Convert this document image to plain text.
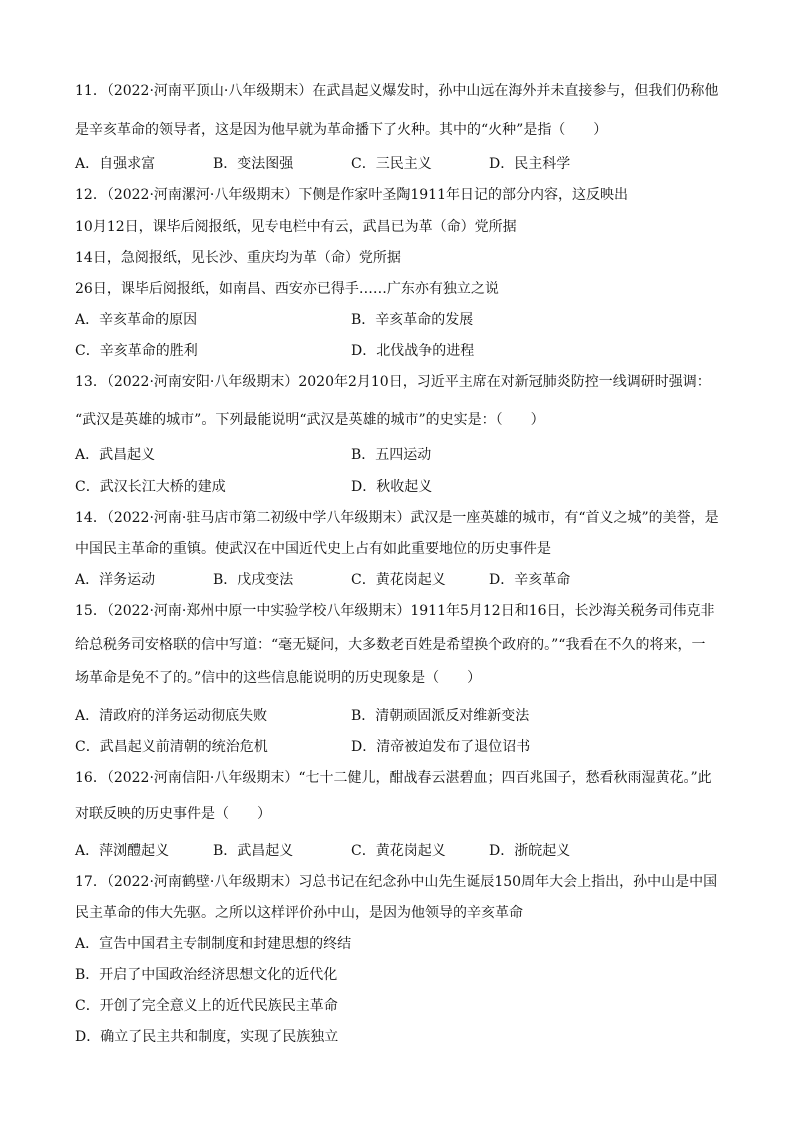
11．（2022·河南平顶山·八年级期末）在武昌起义爆发时，孙中山远在海外并未直接参与，但我们仍称他
是辛亥革命的领导者，这是因为他早就为革命播下了火种。其中的“火种”是指（　　）
A．自强求富	B．变法图强	C．三民主义	D．民主科学
12．（2022·河南漯河·八年级期末）下侧是作家叶圣陶1911年日记的部分内容，这反映出
10月12日，课毕后阅报纸，见专电栏中有云，武昌已为革（命）党所据
14日，急阅报纸，见长沙、重庆均为革（命）党所据
26日，课毕后阅报纸，如南昌、西安亦已得手……广东亦有独立之说
A．辛亥革命的原因	B．辛亥革命的发展
C．辛亥革命的胜利	D．北伐战争的进程
13．（2022·河南安阳·八年级期末）2020年2月10日，习近平主席在对新冠肺炎防控一线调研时强调：
“武汉是英雄的城市”。下列最能说明“武汉是英雄的城市”的史实是：（　　）
A．武昌起义	B．五四运动
C．武汉长江大桥的建成	D．秋收起义
14．（2022·河南·驻马店市第二初级中学八年级期末）武汉是一座英雄的城市，有“首义之城”的美誉，是
中国民主革命的重镇。使武汉在中国近代史上占有如此重要地位的历史事件是
A．洋务运动	B．戊戌变法	C．黄花岗起义	D．辛亥革命
15．（2022·河南·郑州中原一中实验学校八年级期末）1911年5月12日和16日，长沙海关税务司伟克非
给总税务司安格联的信中写道：“毫无疑问，大多数老百姓是希望换个政府的。”“我看在不久的将来，一
场革命是免不了的。”信中的这些信息能说明的历史现象是（　　）
A．清政府的洋务运动彻底失败	B．清朝顽固派反对维新变法
C．武昌起义前清朝的统治危机	D．清帝被迫发布了退位诏书
16．（2022·河南信阳·八年级期末）“七十二健儿，酣战春云湛碧血；四百兆国子，愁看秋雨湿黄花。”此
对联反映的历史事件是（　　）
A．萍浏醴起义	B．武昌起义	C．黄花岗起义	D．浙皖起义
17．（2022·河南鹤壁·八年级期末）习总书记在纪念孙中山先生诞辰150周年大会上指出，孙中山是中国
民主革命的伟大先驱。之所以这样评价孙中山，是因为他领导的辛亥革命
A．宣告中国君主专制制度和封建思想的终结
B．开启了中国政治经济思想文化的近代化
C．开创了完全意义上的近代民族民主革命
D．确立了民主共和制度，实现了民族独立
